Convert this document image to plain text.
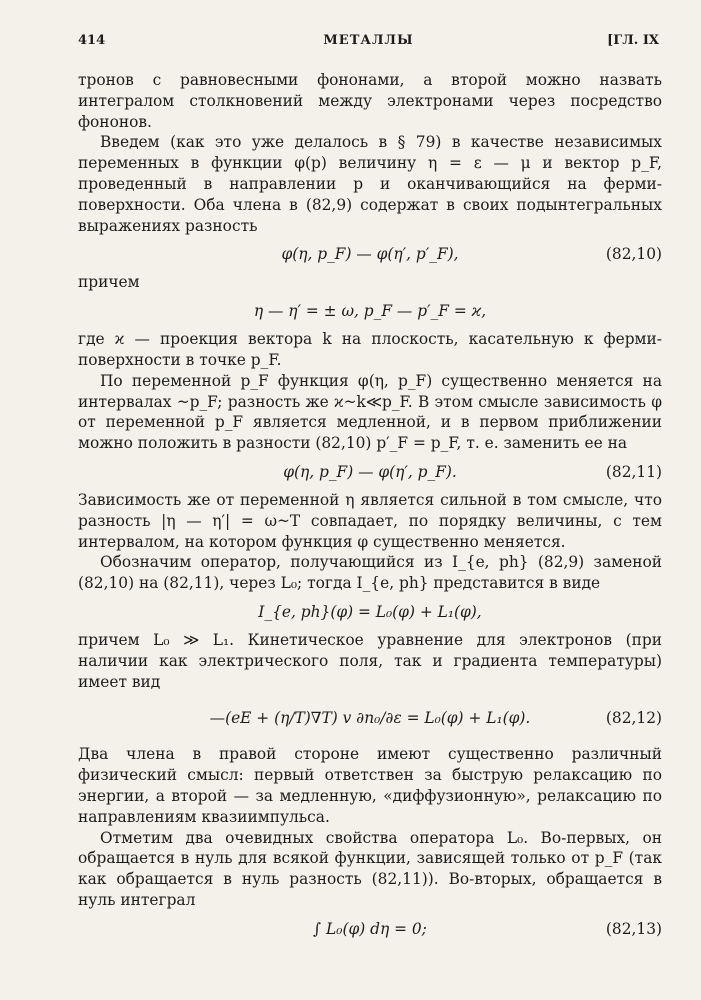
414	МЕТАЛЛЫ	[ГЛ. IX

тронов с равновесными фононами, а второй можно назвать интегралом столкновений между электронами через посредство фононов.

Введем (как это уже делалось в § 79) в качестве независимых переменных в функции φ(p) величину η = ε — μ и вектор p_F, проведенный в направлении p и оканчивающийся на ферми-поверхности. Оба члена в (82,9) содержат в своих подынтегральных выражениях разность

φ(η, p_F) — φ(η′, p′_F),	(82,10)

причем

η — η′ = ± ω, p_F — p′_F = ϰ,

где ϰ — проекция вектора k на плоскость, касательную к ферми-поверхности в точке p_F.

По переменной p_F функция φ(η, p_F) существенно меняется на интервалах ~p_F; разность же ϰ~k≪p_F. В этом смысле зависимость φ от переменной p_F является медленной, и в первом приближении можно положить в разности (82,10) p′_F = p_F, т. е. заменить ее на

φ(η, p_F) — φ(η′, p_F).	(82,11)

Зависимость же от переменной η является сильной в том смысле, что разность |η — η′| = ω~T совпадает, по порядку величины, с тем интервалом, на котором функция φ существенно меняется.

Обозначим оператор, получающийся из I_{e, ph} (82,9) заменой (82,10) на (82,11), через L₀; тогда I_{e, ph} представится в виде

I_{e, ph}(φ) = L₀(φ) + L₁(φ),

причем L₀ ≫ L₁. Кинетическое уравнение для электронов (при наличии как электрического поля, так и градиента температуры) имеет вид

—(eE + (η/T)∇T) v ∂n₀/∂ε = L₀(φ) + L₁(φ).	(82,12)

Два члена в правой стороне имеют существенно различный физический смысл: первый ответствен за быструю релаксацию по энергии, а второй — за медленную, «диффузионную», релаксацию по направлениям квазиимпульса.

Отметим два очевидных свойства оператора L₀. Во-первых, он обращается в нуль для всякой функции, зависящей только от p_F (так как обращается в нуль разность (82,11)). Во-вторых, обращается в нуль интеграл

∫ L₀(φ) dη = 0;	(82,13)
